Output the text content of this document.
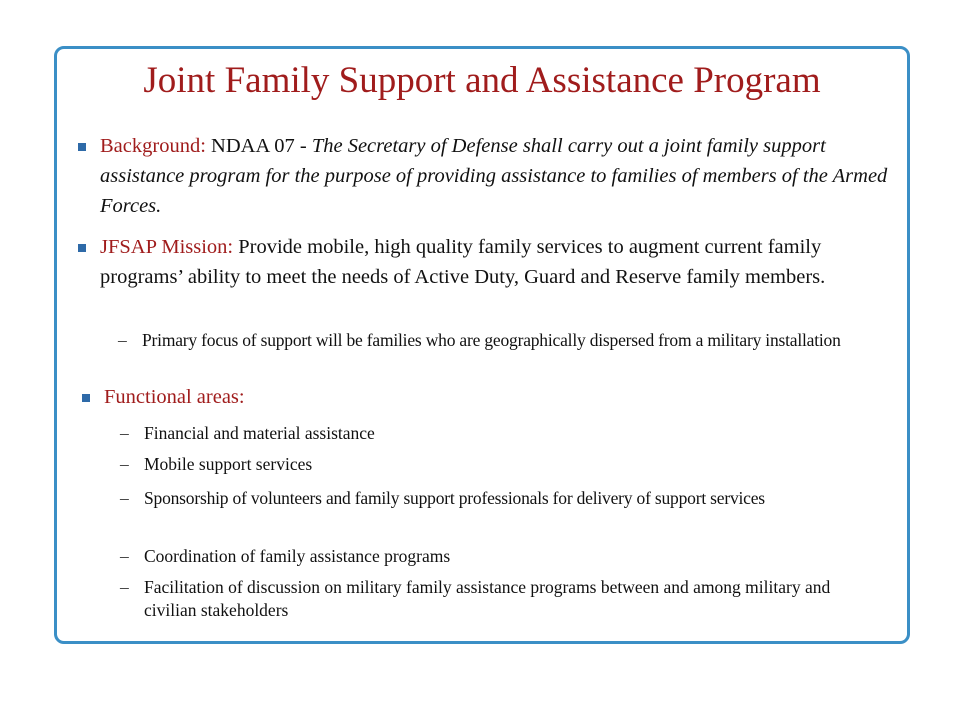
Joint Family Support and Assistance Program
Background: NDAA 07 - The Secretary of Defense shall carry out a joint family support assistance program for the purpose of providing assistance to families of members of the Armed Forces.
JFSAP Mission: Provide mobile, high quality family services to augment current family programs’ ability to meet the needs of Active Duty, Guard and Reserve family members.
– Primary focus of support will be families who are geographically dispersed from a military installation
Functional areas:
– Financial and material assistance
– Mobile support services
– Sponsorship of volunteers and family support professionals for delivery of support services
– Coordination of family assistance programs
– Facilitation of discussion on military family assistance programs between and among military and civilian stakeholders
